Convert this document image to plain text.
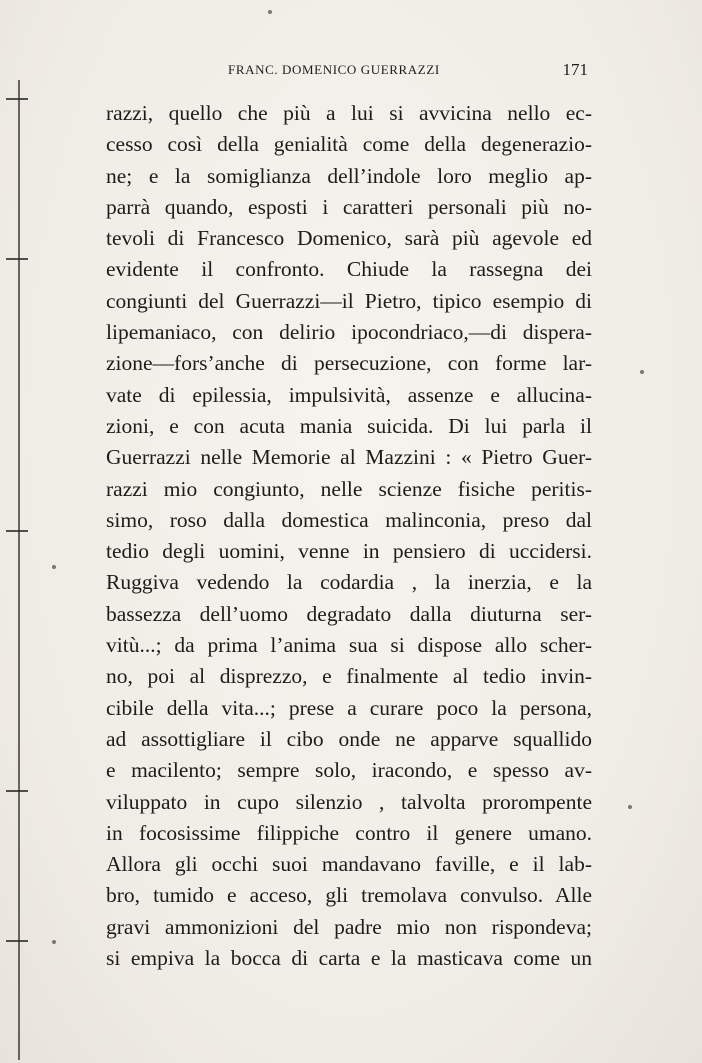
FRANC. DOMENICO GUERRAZZI	171
razzi, quello che più a lui si avvicina nello ec-
cesso così della genialità come della degenerazio-
ne; e la somiglianza dell’indole loro meglio ap-
parrà quando, esposti i caratteri personali più no-
tevoli di Francesco Domenico, sarà più agevole ed
evidente il confronto. Chiude la rassegna dei
congiunti del Guerrazzi—il Pietro, tipico esempio di
lipemaniaco, con delirio ipocondriaco,—di dispera-
zione—fors’anche di persecuzione, con forme lar-
vate di epilessia, impulsività, assenze e allucina-
zioni, e con acuta mania suicida. Di lui parla il
Guerrazzi nelle Memorie al Mazzini : « Pietro Guer-
razzi mio congiunto, nelle scienze fisiche peritis-
simo, roso dalla domestica malinconia, preso dal
tedio degli uomini, venne in pensiero di uccidersi.
Ruggiva vedendo la codardia , la inerzia, e la
bassezza dell’uomo degradato dalla diuturna ser-
vitù...; da prima l’anima sua si dispose allo scher-
no, poi al disprezzo, e finalmente al tedio invin-
cibile della vita...; prese a curare poco la persona,
ad assottigliare il cibo onde ne apparve squallido
e macilento; sempre solo, iracondo, e spesso av-
viluppato in cupo silenzio , talvolta prorompente
in focosissime filippiche contro il genere umano.
Allora gli occhi suoi mandavano faville, e il lab-
bro, tumido e acceso, gli tremolava convulso. Alle
gravi ammonizioni del padre mio non rispondeva;
si empiva la bocca di carta e la masticava come un
